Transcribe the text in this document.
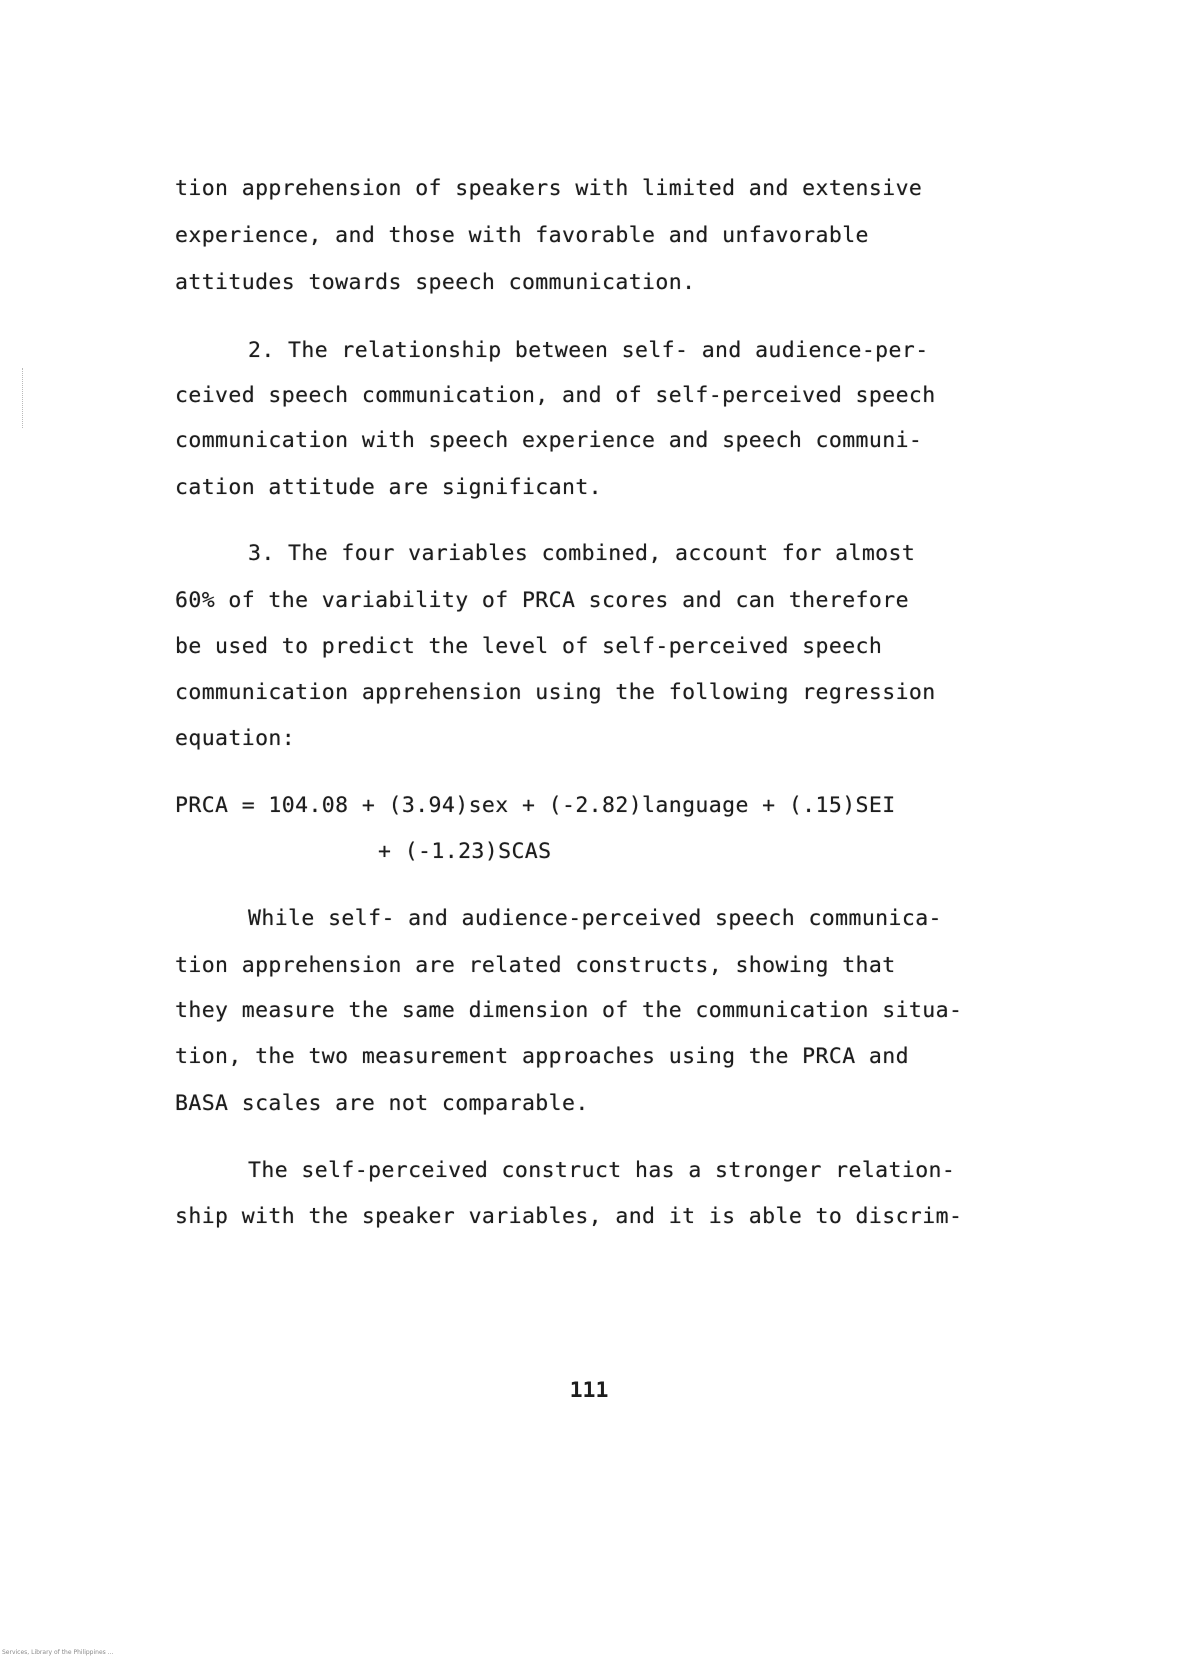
tion apprehension of speakers with limited and extensive
experience, and those with favorable and unfavorable
attitudes towards speech communication.
2. The relationship between self- and audience-per-
ceived speech communication, and of self-perceived speech
communication with speech experience and speech communi-
cation attitude are significant.
3. The four variables combined, account for almost
60% of the variability of PRCA scores and can therefore
be used to predict the level of self-perceived speech
communication apprehension using the following regression
equation:
PRCA = 104.08 + (3.94)sex + (-2.82)language + (.15)SEI
+ (-1.23)SCAS
While self- and audience-perceived speech communica-
tion apprehension are related constructs, showing that
they measure the same dimension of the communication situa-
tion, the two measurement approaches using the PRCA and
BASA scales are not comparable.
The self-perceived construct has a stronger relation-
ship with the speaker variables, and it is able to discrim-
111
Services, Library of the Philippines ...
